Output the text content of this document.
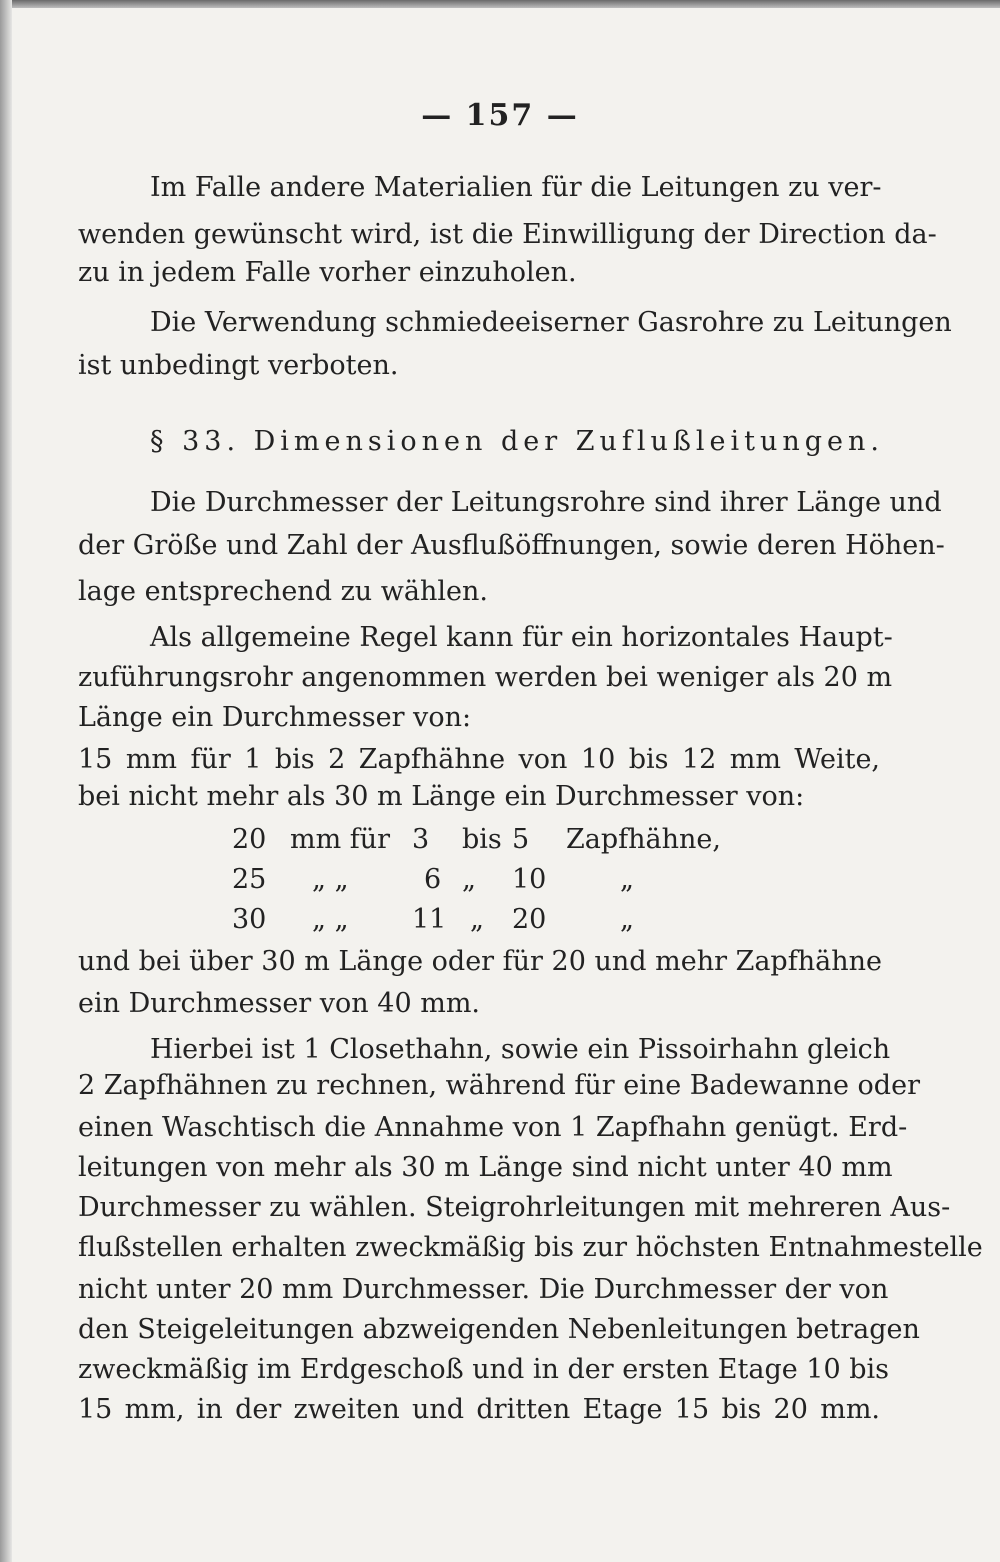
— 157 —
Im Falle andere Materialien für die Leitungen zu ver-
wenden gewünscht wird, ist die Einwilligung der Direction da-
zu in jedem Falle vorher einzuholen.
Die Verwendung schmiedeeiserner Gasrohre zu Leitungen
ist unbedingt verboten.
§ 33. Dimensionen der Zuflußleitungen.
Die Durchmesser der Leitungsrohre sind ihrer Länge und
der Größe und Zahl der Ausflußöffnungen, sowie deren Höhen-
lage entsprechend zu wählen.
Als allgemeine Regel kann für ein horizontales Haupt-
zuführungsrohr angenommen werden bei weniger als 20 m
Länge ein Durchmesser von:
15 mm für 1 bis 2 Zapfhähne von 10 bis 12 mm Weite,
bei nicht mehr als 30 m Länge ein Durchmesser von:
20 mm für 3 bis 5 Zapfhähne,
25 „ „	6 „ 10	„
30 „ „ 11 „ 20	„
und bei über 30 m Länge oder für 20 und mehr Zapfhähne
ein Durchmesser von 40 mm.
Hierbei ist 1 Closethahn, sowie ein Pissoirhahn gleich
2 Zapfhähnen zu rechnen, während für eine Badewanne oder
einen Waschtisch die Annahme von 1 Zapfhahn genügt. Erd-
leitungen von mehr als 30 m Länge sind nicht unter 40 mm
Durchmesser zu wählen. Steigrohrleitungen mit mehreren Aus-
flußstellen erhalten zweckmäßig bis zur höchsten Entnahmestelle
nicht unter 20 mm Durchmesser. Die Durchmesser der von
den Steigeleitungen abzweigenden Nebenleitungen betragen
zweckmäßig im Erdgeschoß und in der ersten Etage 10 bis
15 mm, in der zweiten und dritten Etage 15 bis 20 mm.
